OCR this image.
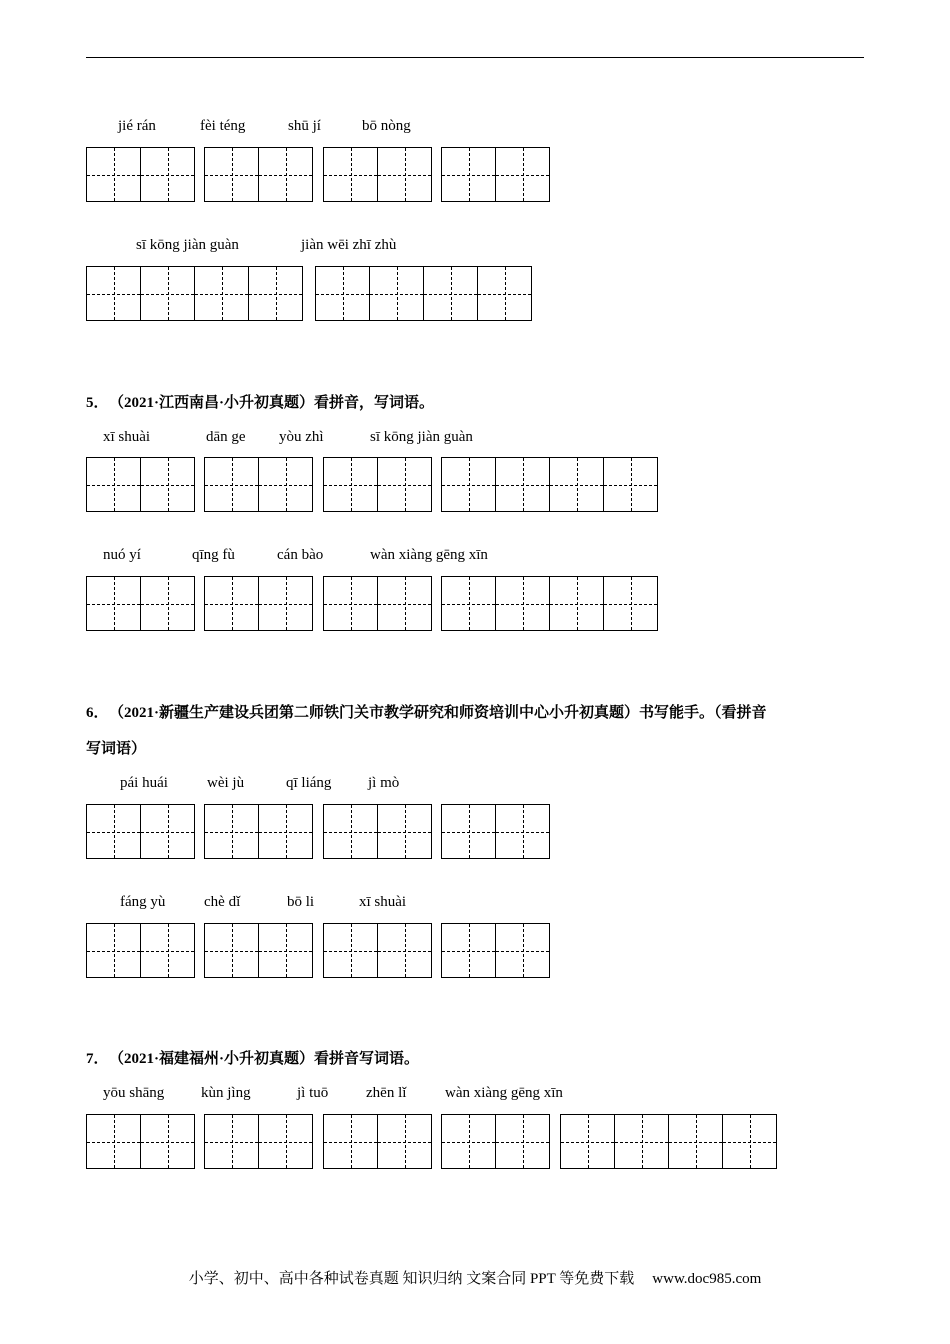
jié rán	fèi téng	shū jí	bō nòng
sī kōng jiàn guàn	jiàn wēi zhī zhù
5． （2021·江西南昌·小升初真题）看拼音，写词语。
xī shuài	dān ge yòu zhì	sī kōng jiàn guàn
nuó yí	qīng fù	cán bào	wàn xiàng gēng xīn
6． （2021·新疆生产建设兵团第二师铁门关市教学研究和师资培训中心小升初真题）书写能手。（看拼音
写词语）
pái huái	wèi jù	qī liáng jì mò
fáng yù	chè dǐ	bō li	xī shuài
7． （2021·福建福州·小升初真题）看拼音写词语。
yōu shāng kùn jìng	jì tuō	zhēn lǐ	wàn xiàng gēng xīn
小学、初中、高中各种试卷真题 知识归纳 文案合同 PPT 等免费下载 www.doc985.com
